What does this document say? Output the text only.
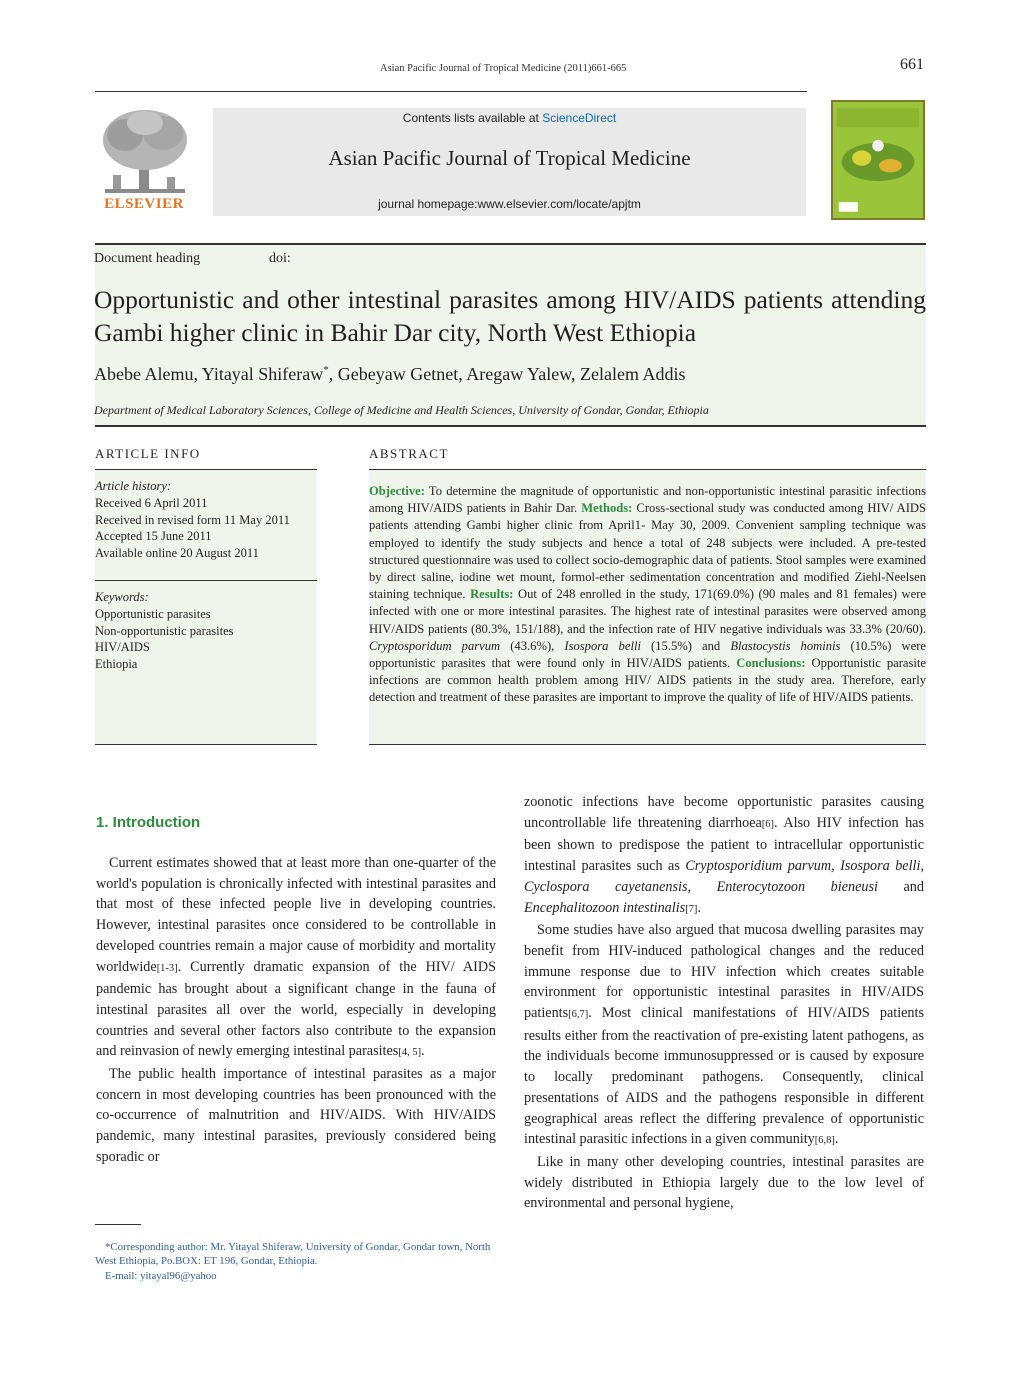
Asian Pacific Journal of Tropical Medicine (2011)661-665	661
ELSEVIER
Contents lists available at ScienceDirect
Asian Pacific Journal of Tropical Medicine
journal homepage:www.elsevier.com/locate/apjtm
Document heading	doi:
Opportunistic and other intestinal parasites among HIV/AIDS patients attending Gambi higher clinic in Bahir Dar city, North West Ethiopia
Abebe Alemu, Yitayal Shiferaw*, Gebeyaw Getnet, Aregaw Yalew, Zelalem Addis
Department of Medical Laboratory Sciences, College of Medicine and Health Sciences, University of Gondar, Gondar, Ethiopia
ARTICLE INFO	ABSTRACT
Article history:
Received 6 April 2011
Received in revised form 11 May 2011
Accepted 15 June 2011
Available online 20 August 2011
Keywords:
Opportunistic parasites
Non-opportunistic parasites
HIV/AIDS
Ethiopia
Objective: To determine the magnitude of opportunistic and non-opportunistic intestinal parasitic infections among HIV/AIDS patients in Bahir Dar. Methods: Cross-sectional study was conducted among HIV/ AIDS patients attending Gambi higher clinic from April1- May 30, 2009. Convenient sampling technique was employed to identify the study subjects and hence a total of 248 subjects were included. A pre-tested structured questionnaire was used to collect socio-demographic data of patients. Stool samples were examined by direct saline, iodine wet mount, formol-ether sedimentation concentration and modified Ziehl-Neelsen staining technique. Results: Out of 248 enrolled in the study, 171(69.0%) (90 males and 81 females) were infected with one or more intestinal parasites. The highest rate of intestinal parasites were observed among HIV/AIDS patients (80.3%, 151/188), and the infection rate of HIV negative individuals was 33.3% (20/60). Cryptosporidum parvum (43.6%), Isospora belli (15.5%) and Blastocystis hominis (10.5%) were opportunistic parasites that were found only in HIV/AIDS patients. Conclusions: Opportunistic parasite infections are common health problem among HIV/ AIDS patients in the study area. Therefore, early detection and treatment of these parasites are important to improve the quality of life of HIV/AIDS patients.
1. Introduction

Current estimates showed that at least more than one-quarter of the world's population is chronically infected with intestinal parasites and that most of these infected people live in developing countries. However, intestinal parasites once considered to be controllable in developed countries remain a major cause of morbidity and mortality worldwide[1-3]. Currently dramatic expansion of the HIV/ AIDS pandemic has brought about a significant change in the fauna of intestinal parasites all over the world, especially in developing countries and several other factors also contribute to the expansion and reinvasion of newly emerging intestinal parasites[4, 5].

The public health importance of intestinal parasites as a major concern in most developing countries has been pronounced with the co-occurrence of malnutrition and HIV/AIDS. With HIV/AIDS pandemic, many intestinal parasites, previously considered being sporadic or

zoonotic infections have become opportunistic parasites causing uncontrollable life threatening diarrhoea[6]. Also HIV infection has been shown to predispose the patient to intracellular opportunistic intestinal parasites such as Cryptosporidium parvum, Isospora belli, Cyclospora cayetanensis, Enterocytozoon bieneusi and Encephalitozoon intestinalis[7].

Some studies have also argued that mucosa dwelling parasites may benefit from HIV-induced pathological changes and the reduced immune response due to HIV infection which creates suitable environment for opportunistic intestinal parasites in HIV/AIDS patients[6,7]. Most clinical manifestations of HIV/AIDS patients results either from the reactivation of pre-existing latent pathogens, as the individuals become immunosuppressed or is caused by exposure to locally predominant pathogens. Consequently, clinical presentations of AIDS and the pathogens responsible in different geographical areas reflect the differing prevalence of opportunistic intestinal parasitic infections in a given community[6,8].

Like in many other developing countries, intestinal parasites are widely distributed in Ethiopia largely due to the low level of environmental and personal hygiene,

*Corresponding author: Mr. Yitayal Shiferaw, University of Gondar, Gondar town, North West Ethiopia, Po.BOX: ET 196, Gondar, Ethiopia.

E-mail: yitayal96@yahoo
